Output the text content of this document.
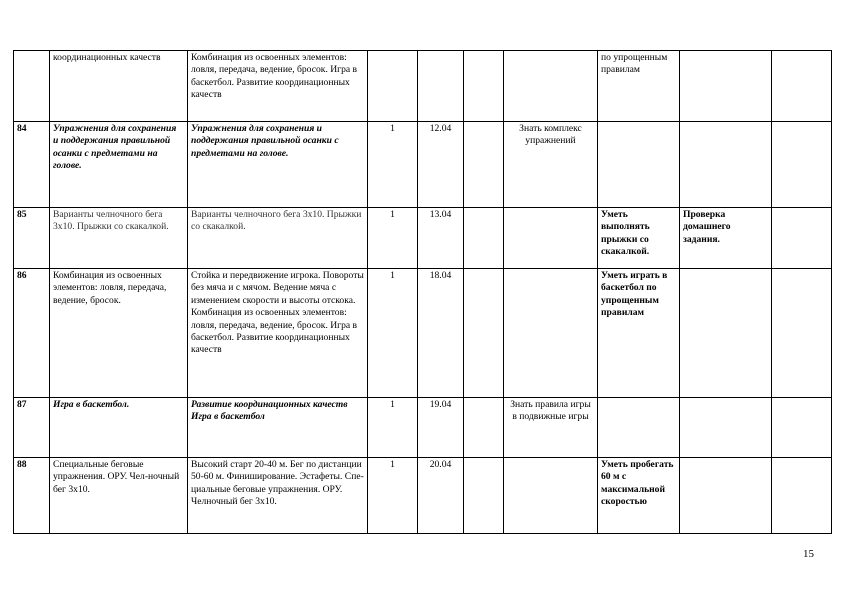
	координационных качеств	Комбинация из освоенных элементов: ловля, передача, ведение, бросок. Игра в баскетбол. Развитие координационных качеств					по упрощенным правилам		
84	Упражнения для сохранения и поддержания правильной осанки с предметами на голове.	Упражнения для сохранения и поддержания правильной осанки с предметами на голове.	1	12.04		Знать комплекс упражнений			
85	Варианты челночного бега 3х10. Прыжки со скакалкой.	Варианты челночного бега 3х10. Прыжки со скакалкой.	1	13.04			Уметь выполнять прыжки со скакалкой.	Проверка домашнего задания.	
86	Комбинация из освоенных элементов: ловля, передача, ведение, бросок.	Стойка и передвижение игрока. Повороты без мяча и с мячом. Ведение мяча с изменением скорости и высоты отскока. Комбинация из освоенных элементов: ловля, передача, ведение, бросок. Игра в баскетбол. Развитие координационных качеств	1	18.04			Уметь играть в баскетбол по упрощенным правилам		
87	Игра в баскетбол.	Развитие координационных качеств Игра в баскетбол	1	19.04		Знать правила игры в подвижные игры			
88	Специальные беговые упражнения. ОРУ. Чел-ночный бег 3х10.	Высокий старт 20-40 м. Бег по дистанции 50-60 м. Финиширование. Эстафеты. Спе-циальные беговые упражнения. ОРУ. Челночный бег 3х10.	1	20.04			Уметь пробегать 60 м с максимальной скоростью		
15
